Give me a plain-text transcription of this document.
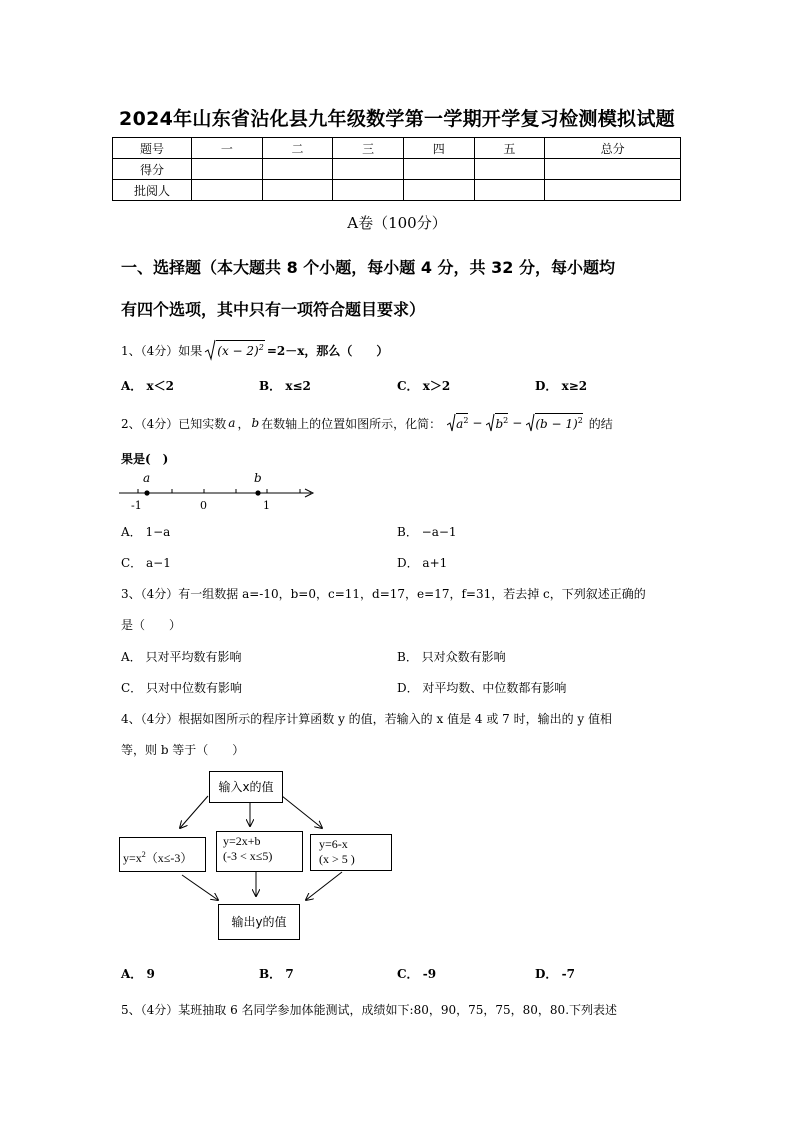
2024年山东省沾化县九年级数学第一学期开学复习检测模拟试题
题号	一	二	三	四	五	总分
得分						
批阅人						
A卷（100分）
一、选择题（本大题共 8 个小题，每小题 4 分，共 32 分，每小题均
有四个选项，其中只有一项符合题目要求）
1、（4分）如果 $(x - 2)^2 =2-x$，那么（　　）
A． x＜2	B． x≤2	C． x＞2	D． x≥2
2、（4分）已知实数 a ， b 在数轴上的位置如图所示，化简： $a^2 - b^2 - (b - 1)^2$ 的结
果是(　)
a	b
-1	0	1
A． 1−a	B． −a−1
C． a−1	D． a+1
3、（4分）有一组数据 a=-10，b=0，c=11，d=17，e=17，f=31，若去掉 c，下列叙述正确的
是（　　）
A． 只对平均数有影响	B． 只对众数有影响
C． 只对中位数有影响	D． 对平均数、中位数都有影响
4、（4分）根据如图所示的程序计算函数 y 的值，若输入的 x 值是 4 或 7 时，输出的 y 值相
等，则 b 等于（　　）
输入x的值
$y=x^2(x\le-3)$
y=2x+b
(-3 < x≤5)
y=6-x
(x > 5 )
输出y的值
A． 9	B． 7	C． -9	D． -7
5、（4分）某班抽取 6 名同学参加体能测试，成绩如下:80，90，75，75，80，80.下列表述
